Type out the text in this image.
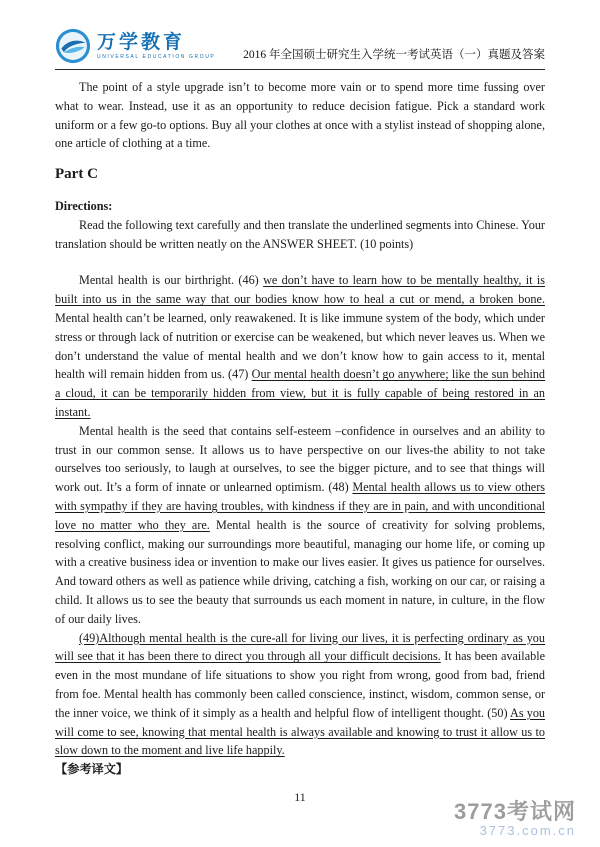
万学教育
UNIVERSAL EDUCATION GROUP 2016 年全国硕士研究生入学统一考试英语（一）真题及答案

The point of a style upgrade isn’t to become more vain or to spend more time fussing over what to wear. Instead, use it as an opportunity to reduce decision fatigue. Pick a standard work uniform or a few go-to options. Buy all your clothes at once with a stylist instead of shopping alone, one article of clothing at a time.

Part C

Directions:

Read the following text carefully and then translate the underlined segments into Chinese. Your translation should be written neatly on the ANSWER SHEET. (10 points)

Mental health is our birthright. (46) we don’t have to learn how to be mentally healthy, it is built into us in the same way that our bodies know how to heal a cut or mend, a broken bone. Mental health can’t be learned, only reawakened. It is like immune system of the body, which under stress or through lack of nutrition or exercise can be weakened, but which never leaves us. When we don’t understand the value of mental health and we don’t know how to gain access to it, mental health will remain hidden from us. (47) Our mental health doesn’t go anywhere; like the sun behind a cloud, it can be temporarily hidden from view, but it is fully capable of being restored in an instant.

Mental health is the seed that contains self-esteem –confidence in ourselves and an ability to trust in our common sense. It allows us to have perspective on our lives-the ability to not take ourselves too seriously, to laugh at ourselves, to see the bigger picture, and to see that things will work out. It’s a form of innate or unlearned optimism. (48) Mental health allows us to view others with sympathy if they are having troubles, with kindness if they are in pain, and with unconditional love no matter who they are. Mental health is the source of creativity for solving problems, resolving conflict, making our surroundings more beautiful, managing our home life, or coming up with a creative business idea or invention to make our lives easier. It gives us patience for ourselves. And toward others as well as patience while driving, catching a fish, working on our car, or raising a child. It allows us to see the beauty that surrounds us each moment in nature, in culture, in the flow of our daily lives.

(49)Although mental health is the cure-all for living our lives, it is perfecting ordinary as you will see that it has been there to direct you through all your difficult decisions. It has been available even in the most mundane of life situations to show you right from wrong, good from bad, friend from foe. Mental health has commonly been called conscience, instinct, wisdom, common sense, or the inner voice, we think of it simply as a health and helpful flow of intelligent thought. (50) As you will come to see, knowing that mental health is always available and knowing to trust it allow us to slow down to the moment and live life happily.

【参考译文】

11
3773考试网
3773.com.cn
